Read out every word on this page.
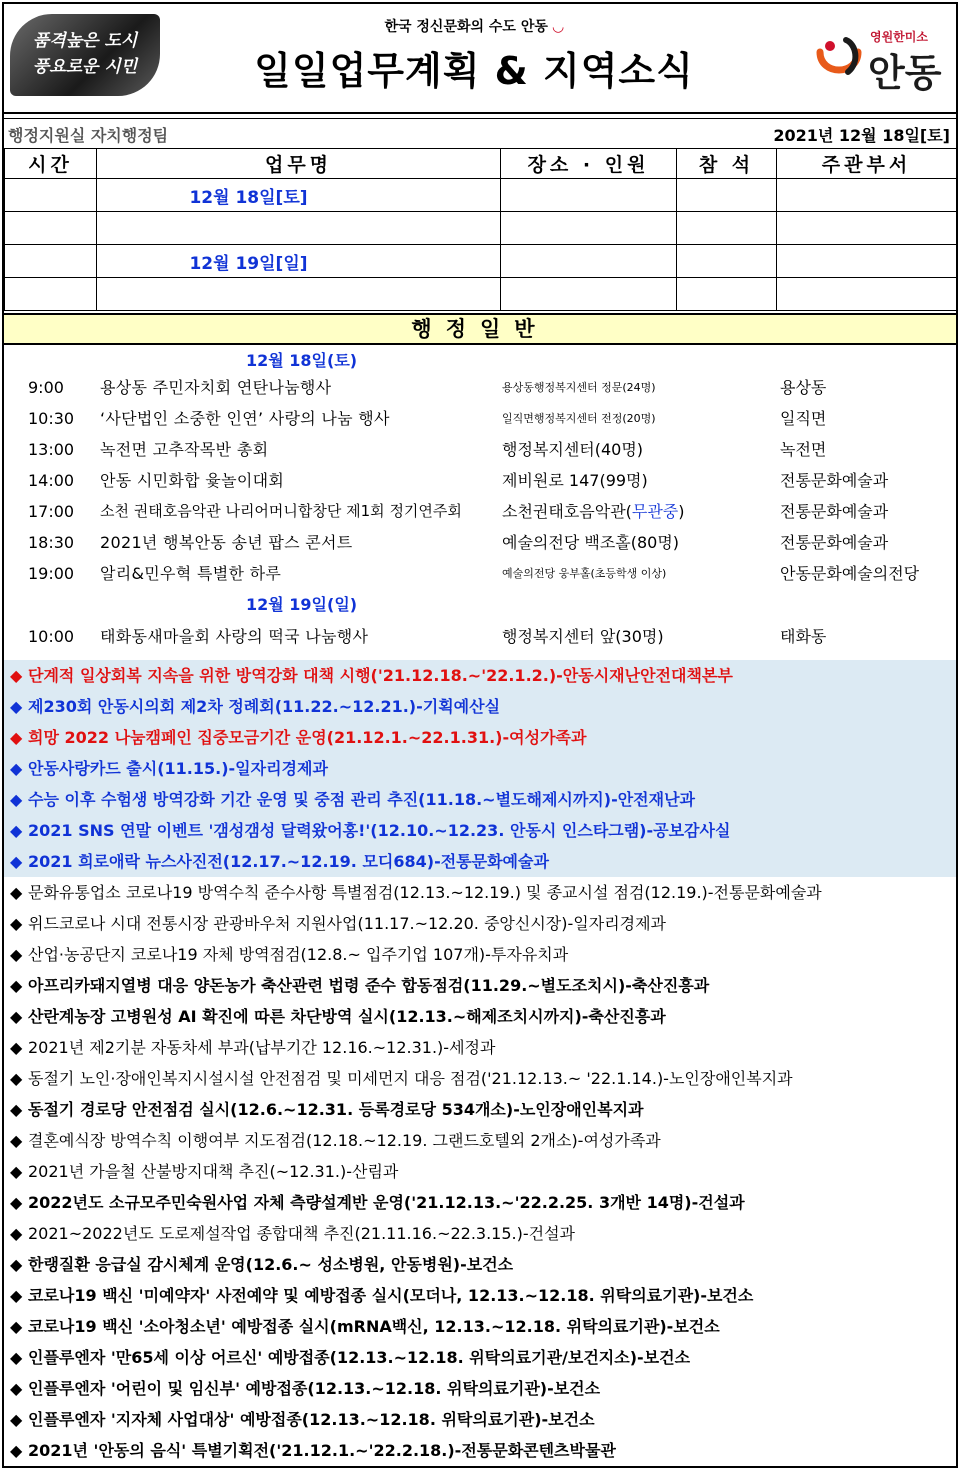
품격높은 도시
풍요로운 시민
한국 정신문화의 수도 안동 ◡
일일업무계획 & 지역소식
영원한미소
안동
행정지원실 자치행정팀	2021년 12월 18일[토]
시간	업무명	장소 · 인원	참 석	주관부서
	12월 18일[토]			

	12월 19일[일]			

행정일반
12월 18일(토)
9:00	용상동 주민자치회 연탄나눔행사	용상동행정복지센터 정문(24명)	용상동
10:30	‘사단법인 소중한 인연’ 사랑의 나눔 행사	일직면행정복지센터 전정(20명)	일직면
13:00	녹전면 고추작목반 총회	행정복지센터(40명)	녹전면
14:00	안동 시민화합 윷놀이대회	제비원로 147(99명)	전통문화예술과
17:00	소천 권태호음악관 나리어머니합창단 제1회 정기연주회	소천권태호음악관(무관중)	전통문화예술과
18:30	2021년 행복안동 송년 팝스 콘서트	예술의전당 백조홀(80명)	전통문화예술과
19:00	알리&민우혁 특별한 하루	예술의전당 웅부홀(초등학생 이상)	안동문화예술의전당
12월 19일(일)
10:00	태화동새마을회 사랑의 떡국 나눔행사	행정복지센터 앞(30명)	태화동
◆ 단계적 일상회복 지속을 위한 방역강화 대책 시행('21.12.18.~'22.1.2.)-안동시재난안전대책본부
◆ 제230회 안동시의회 제2차 정례회(11.22.~12.21.)-기획예산실
◆ 희망 2022 나눔캠페인 집중모금기간 운영(21.12.1.~22.1.31.)-여성가족과
◆ 안동사랑카드 출시(11.15.)-일자리경제과
◆ 수능 이후 수험생 방역강화 기간 운영 및 중점 관리 추진(11.18.~별도해제시까지)-안전재난과
◆ 2021 SNS 연말 이벤트 '갬성갬성 달력왔어홍!'(12.10.~12.23. 안동시 인스타그램)-공보감사실
◆ 2021 희로애락 뉴스사진전(12.17.~12.19. 모디684)-전통문화예술과
◆ 문화유통업소 코로나19 방역수칙 준수사항 특별점검(12.13.~12.19.) 및 종교시설 점검(12.19.)-전통문화예술과
◆ 위드코로나 시대 전통시장 관광바우처 지원사업(11.17.~12.20. 중앙신시장)-일자리경제과
◆ 산업·농공단지 코로나19 자체 방역점검(12.8.~ 입주기업 107개)-투자유치과
◆ 아프리카돼지열병 대응 양돈농가 축산관련 법령 준수 합동점검(11.29.~별도조치시)-축산진흥과
◆ 산란계농장 고병원성 AI 확진에 따른 차단방역 실시(12.13.~해제조치시까지)-축산진흥과
◆ 2021년 제2기분 자동차세 부과(납부기간 12.16.~12.31.)-세정과
◆ 동절기 노인·장애인복지시설시설 안전점검 및 미세먼지 대응 점검('21.12.13.~ '22.1.14.)-노인장애인복지과
◆ 동절기 경로당 안전점검 실시(12.6.~12.31. 등록경로당 534개소)-노인장애인복지과
◆ 결혼예식장 방역수칙 이행여부 지도점검(12.18.~12.19. 그랜드호텔외 2개소)-여성가족과
◆ 2021년 가을철 산불방지대책 추진(~12.31.)-산림과
◆ 2022년도 소규모주민숙원사업 자체 측량설계반 운영('21.12.13.~'22.2.25. 3개반 14명)-건설과
◆ 2021~2022년도 도로제설작업 종합대책 추진(21.11.16.~22.3.15.)-건설과
◆ 한랭질환 응급실 감시체계 운영(12.6.~ 성소병원, 안동병원)-보건소
◆ 코로나19 백신 '미예약자' 사전예약 및 예방접종 실시(모더나, 12.13.~12.18. 위탁의료기관)-보건소
◆ 코로나19 백신 '소아청소년' 예방접종 실시(mRNA백신, 12.13.~12.18. 위탁의료기관)-보건소
◆ 인플루엔자 '만65세 이상 어르신' 예방접종(12.13.~12.18. 위탁의료기관/보건지소)-보건소
◆ 인플루엔자 '어린이 및 임신부' 예방접종(12.13.~12.18. 위탁의료기관)-보건소
◆ 인플루엔자 '지자체 사업대상' 예방접종(12.13.~12.18. 위탁의료기관)-보건소
◆ 2021년 '안동의 음식' 특별기획전('21.12.1.~'22.2.18.)-전통문화콘텐츠박물관
